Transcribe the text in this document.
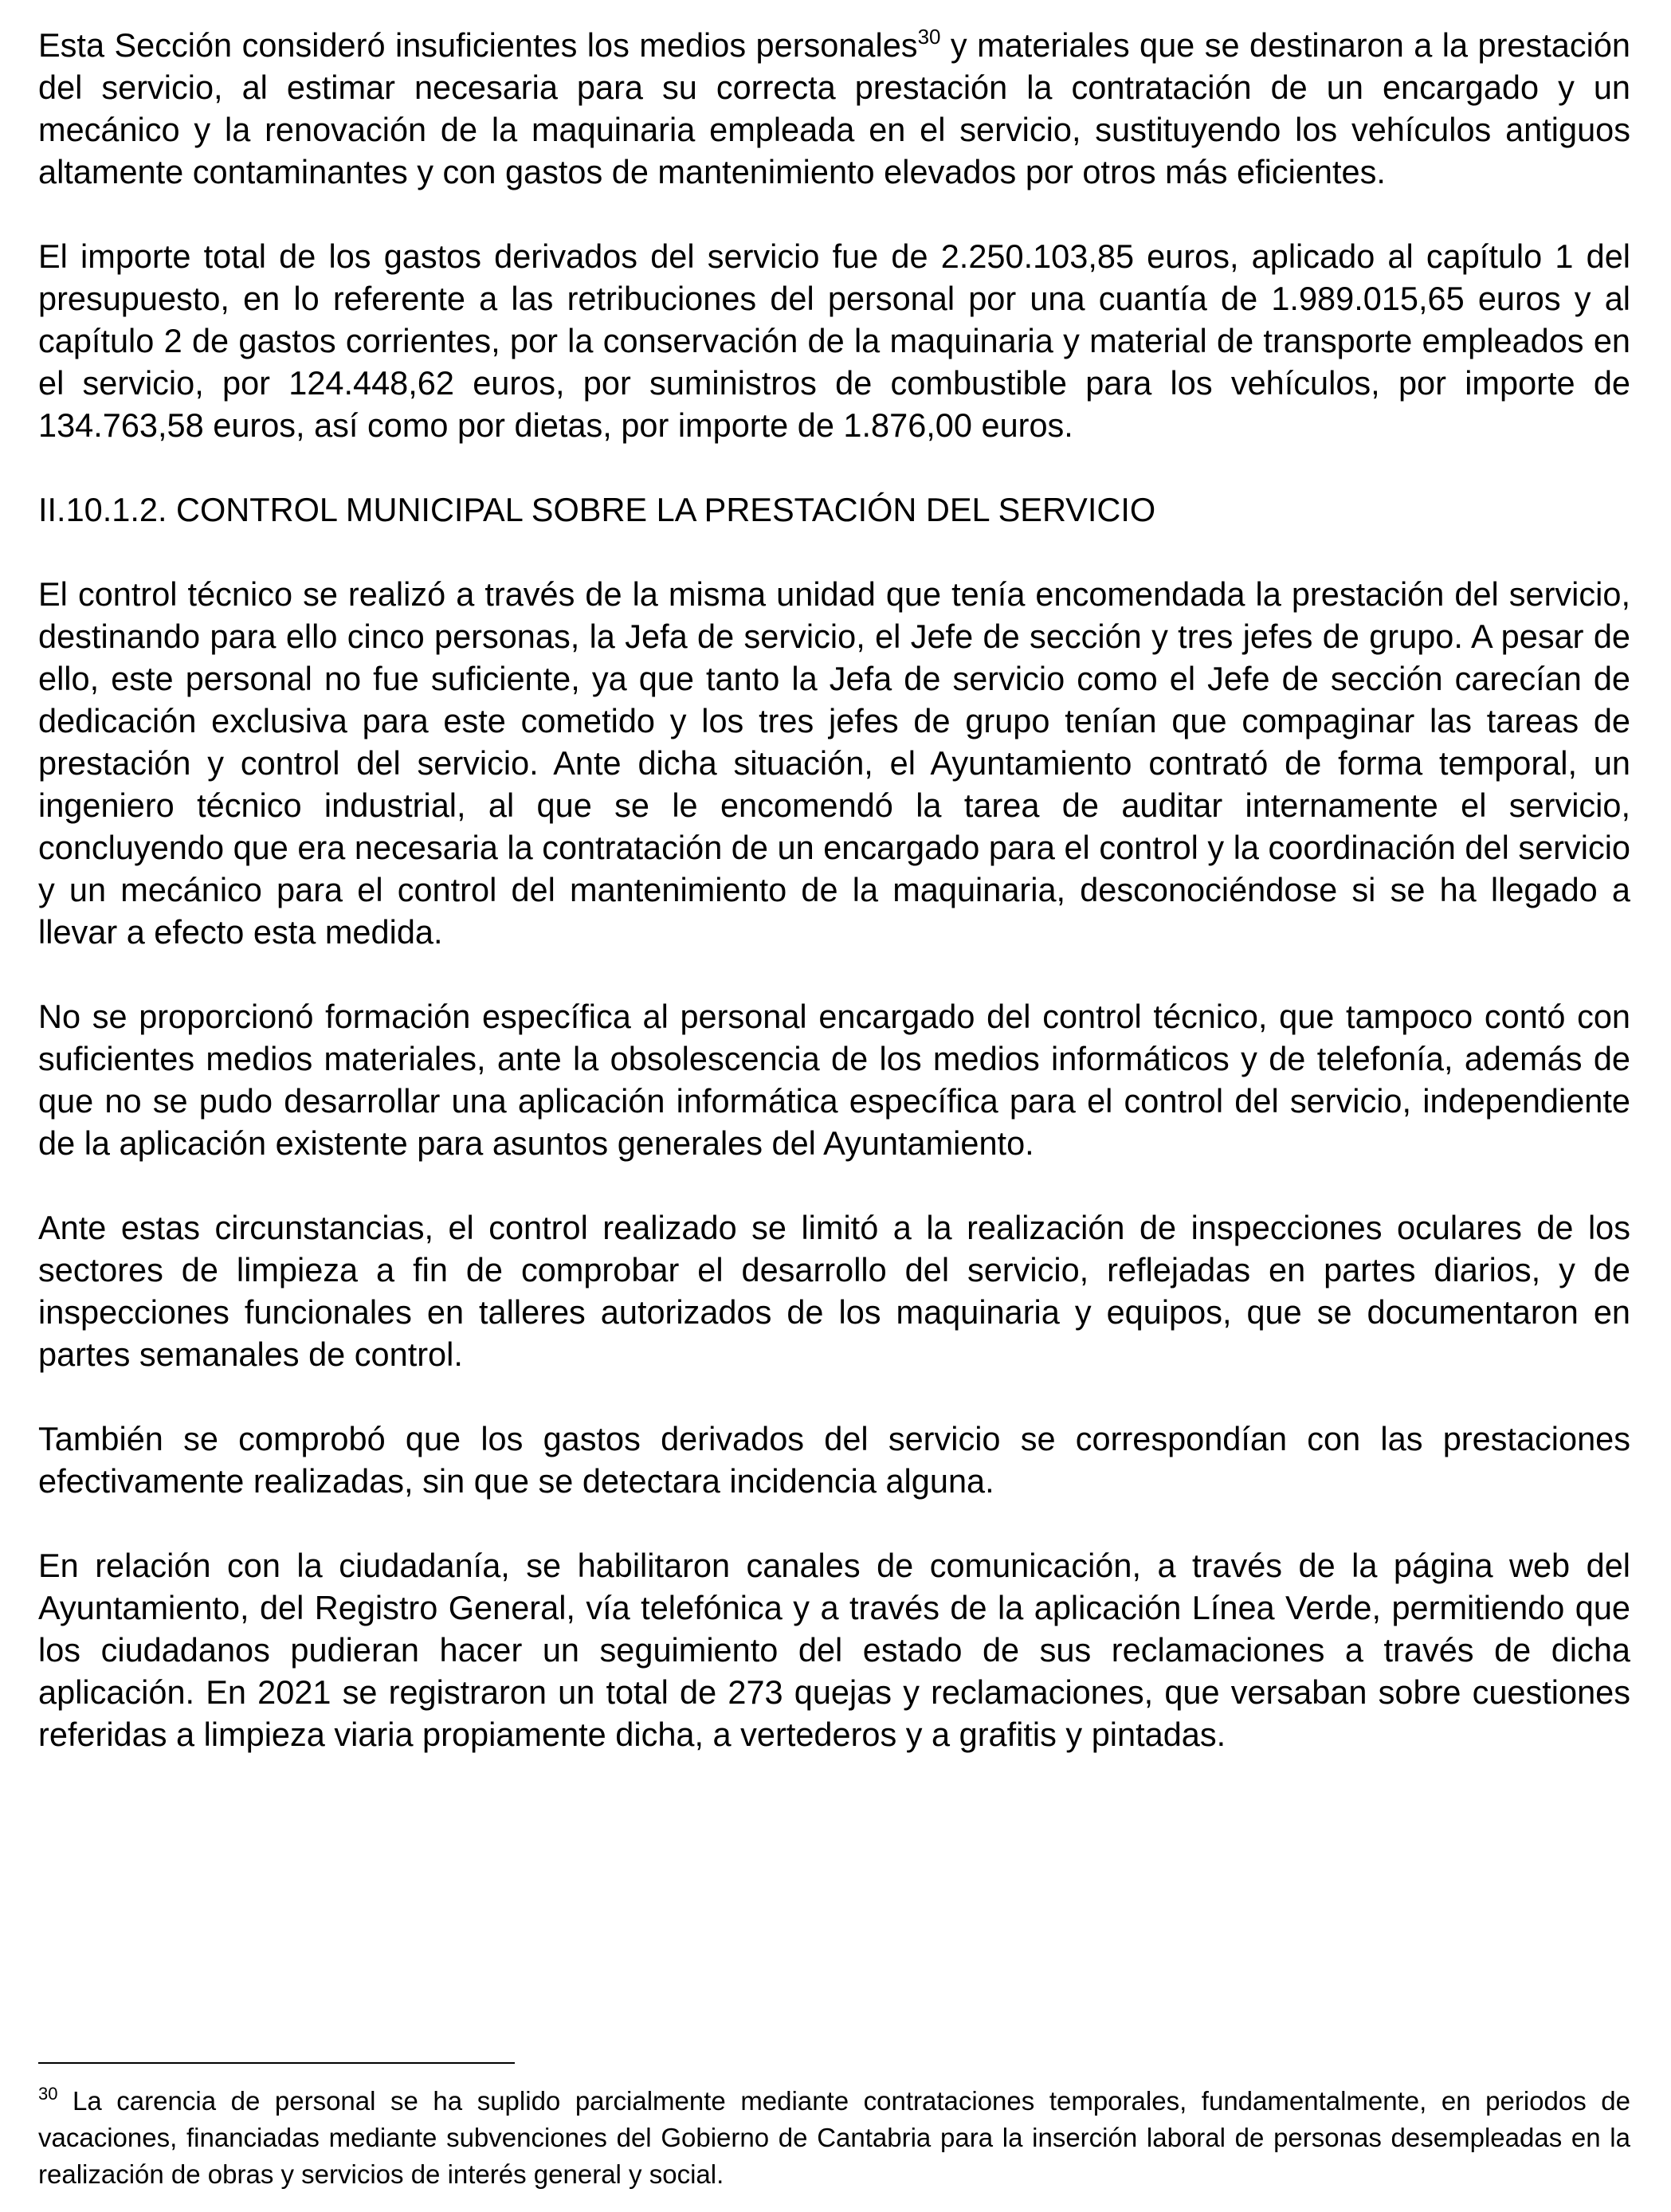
Esta Sección consideró insuficientes los medios personales$^{30}$ y materiales que se destinaron a la prestación del servicio, al estimar necesaria para su correcta prestación la contratación de un encargado y un mecánico y la renovación de la maquinaria empleada en el servicio, sustituyendo los vehículos antiguos altamente contaminantes y con gastos de mantenimiento elevados por otros más eficientes.

El importe total de los gastos derivados del servicio fue de 2.250.103,85 euros, aplicado al capítulo 1 del presupuesto, en lo referente a las retribuciones del personal por una cuantía de 1.989.015,65 euros y al capítulo 2 de gastos corrientes, por la conservación de la maquinaria y material de transporte empleados en el servicio, por 124.448,62 euros, por suministros de combustible para los vehículos, por importe de 134.763,58 euros, así como por dietas, por importe de 1.876,00 euros.

II.10.1.2. CONTROL MUNICIPAL SOBRE LA PRESTACIÓN DEL SERVICIO

El control técnico se realizó a través de la misma unidad que tenía encomendada la prestación del servicio, destinando para ello cinco personas, la Jefa de servicio, el Jefe de sección y tres jefes de grupo. A pesar de ello, este personal no fue suficiente, ya que tanto la Jefa de servicio como el Jefe de sección carecían de dedicación exclusiva para este cometido y los tres jefes de grupo tenían que compaginar las tareas de prestación y control del servicio. Ante dicha situación, el Ayuntamiento contrató de forma temporal, un ingeniero técnico industrial, al que se le encomendó la tarea de auditar internamente el servicio, concluyendo que era necesaria la contratación de un encargado para el control y la coordinación del servicio y un mecánico para el control del mantenimiento de la maquinaria, desconociéndose si se ha llegado a llevar a efecto esta medida.

No se proporcionó formación específica al personal encargado del control técnico, que tampoco contó con suficientes medios materiales, ante la obsolescencia de los medios informáticos y de telefonía, además de que no se pudo desarrollar una aplicación informática específica para el control del servicio, independiente de la aplicación existente para asuntos generales del Ayuntamiento.

Ante estas circunstancias, el control realizado se limitó a la realización de inspecciones oculares de los sectores de limpieza a fin de comprobar el desarrollo del servicio, reflejadas en partes diarios, y de inspecciones funcionales en talleres autorizados de los maquinaria y equipos, que se documentaron en partes semanales de control.

También se comprobó que los gastos derivados del servicio se correspondían con las prestaciones efectivamente realizadas, sin que se detectara incidencia alguna.

En relación con la ciudadanía, se habilitaron canales de comunicación, a través de la página web del Ayuntamiento, del Registro General, vía telefónica y a través de la aplicación Línea Verde, permitiendo que los ciudadanos pudieran hacer un seguimiento del estado de sus reclamaciones a través de dicha aplicación. En 2021 se registraron un total de 273 quejas y reclamaciones, que versaban sobre cuestiones referidas a limpieza viaria propiamente dicha, a vertederos y a grafitis y pintadas.

$^{30}$ La carencia de personal se ha suplido parcialmente mediante contrataciones temporales, fundamentalmente, en periodos de vacaciones, financiadas mediante subvenciones del Gobierno de Cantabria para la inserción laboral de personas desempleadas en la realización de obras y servicios de interés general y social.
